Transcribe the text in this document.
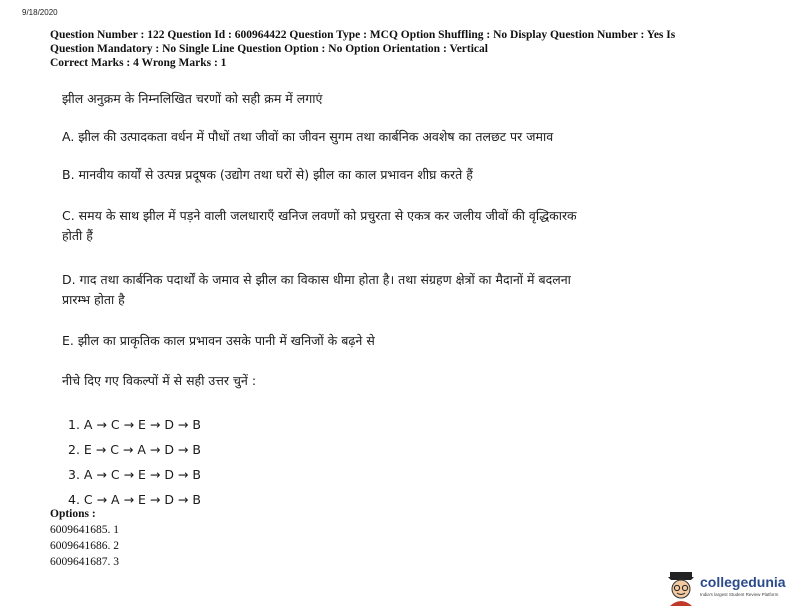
9/18/2020
Question Number : 122 Question Id : 600964422 Question Type : MCQ Option Shuffling : No Display Question Number : Yes Is
Question Mandatory : No Single Line Question Option : No Option Orientation : Vertical
Correct Marks : 4 Wrong Marks : 1
झील अनुक्रम के निम्नलिखित चरणों को सही क्रम में लगाएं
A. झील की उत्पादकता वर्धन में पौधों तथा जीवों का जीवन सुगम तथा कार्बनिक अवशेष का तलछट पर जमाव
B. मानवीय कार्यों से उत्पन्न प्रदूषक (उद्योग तथा घरों से) झील का काल प्रभावन शीघ्र करते हैं
C. समय के साथ झील में पड़ने वाली जलधाराएँ खनिज लवणों को प्रचुरता से एकत्र कर जलीय जीवों की वृद्धिकारक होती हैं
D. गाद तथा कार्बनिक पदार्थों के जमाव से झील का विकास धीमा होता है। तथा संग्रहण क्षेत्रों का मैदानों में बदलना प्रारम्भ होता है
E. झील का प्राकृतिक काल प्रभावन उसके पानी में खनिजों के बढ़ने से
नीचे दिए गए विकल्पों में से सही उत्तर चुनें :
1. A → C → E → D → B
2. E → C → A → D → B
3. A → C → E → D → B
4. C → A → E → D → B
Options :
6009641685. 1
6009641686. 2
6009641687. 3
collegedunia
India's largest Student Review Platform
